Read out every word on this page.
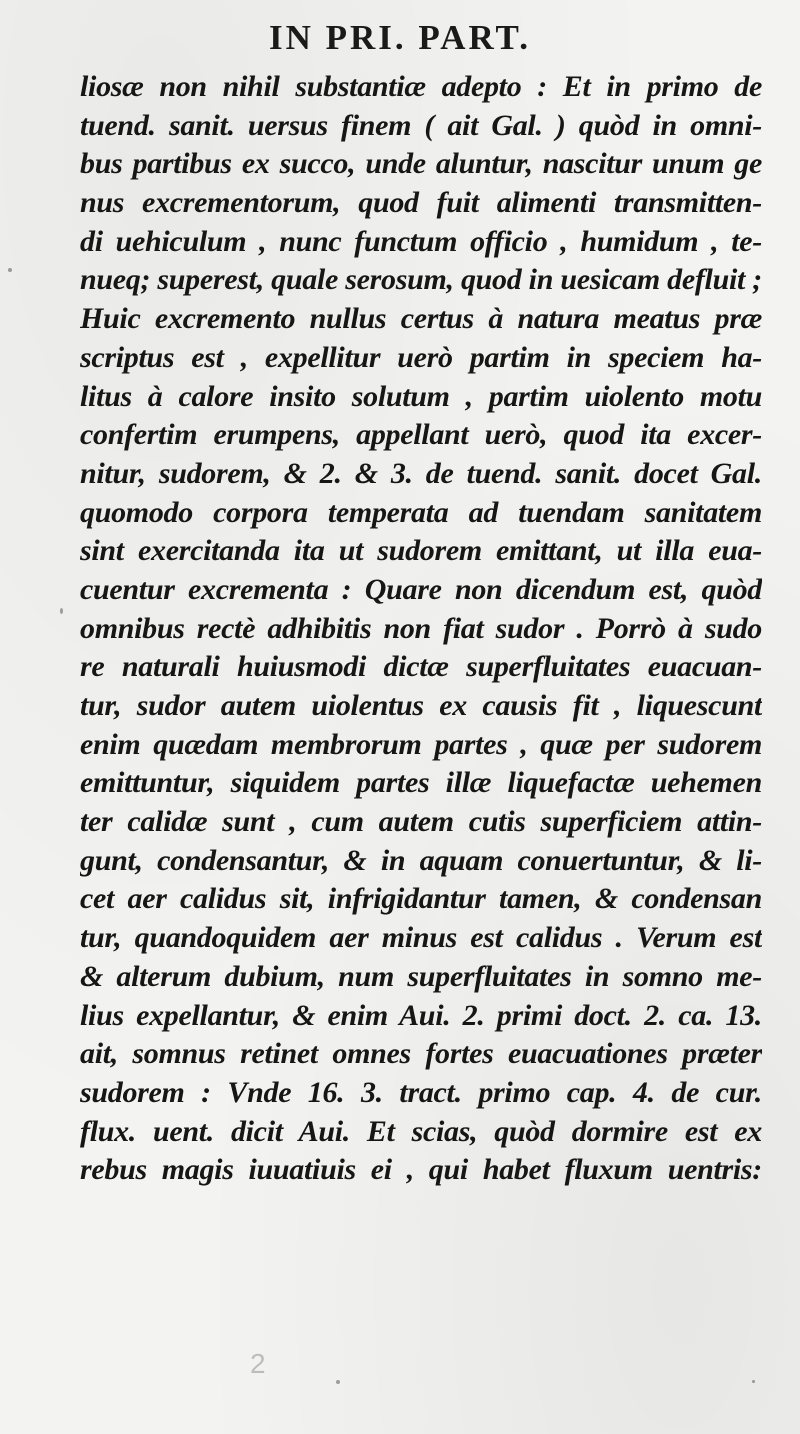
IN PRI. PART.
liosæ non nihil substantiæ adepto : Et in primo de
tuend. sanit. uersus finem ( ait Gal. ) quòd in omni-
bus partibus ex succo, unde aluntur, nascitur unum ge
nus excrementorum, quod fuit alimenti transmitten-
di uehiculum , nunc functum officio , humidum , te-
nueq; superest, quale serosum, quod in uesicam defluit ;
Huic excremento nullus certus à natura meatus præ
scriptus est , expellitur uerò partim in speciem ha-
litus à calore insito solutum , partim uiolento motu
confertim erumpens, appellant uerò, quod ita excer-
nitur, sudorem, & 2. & 3. de tuend. sanit. docet Gal.
quomodo corpora temperata ad tuendam sanitatem
sint exercitanda ita ut sudorem emittant, ut illa eua-
cuentur excrementa : Quare non dicendum est, quòd
omnibus rectè adhibitis non fiat sudor . Porrò à sudo
re naturali huiusmodi dictæ superfluitates euacuan-
tur, sudor autem uiolentus ex causis fit , liquescunt
enim quædam membrorum partes , quæ per sudorem
emittuntur, siquidem partes illæ liquefactæ uehemen
ter calidæ sunt , cum autem cutis superficiem attin-
gunt, condensantur, & in aquam conuertuntur, & li-
cet aer calidus sit, infrigidantur tamen, & condensan
tur, quandoquidem aer minus est calidus . Verum est
& alterum dubium, num superfluitates in somno me-
lius expellantur, & enim Aui. 2. primi doct. 2. ca. 13.
ait, somnus retinet omnes fortes euacuationes præter
sudorem : Vnde 16. 3. tract. primo cap. 4. de cur.
flux. uent. dicit Aui. Et scias, quòd dormire est ex
rebus magis iuuatiuis ei , qui habet fluxum uentris:
2
